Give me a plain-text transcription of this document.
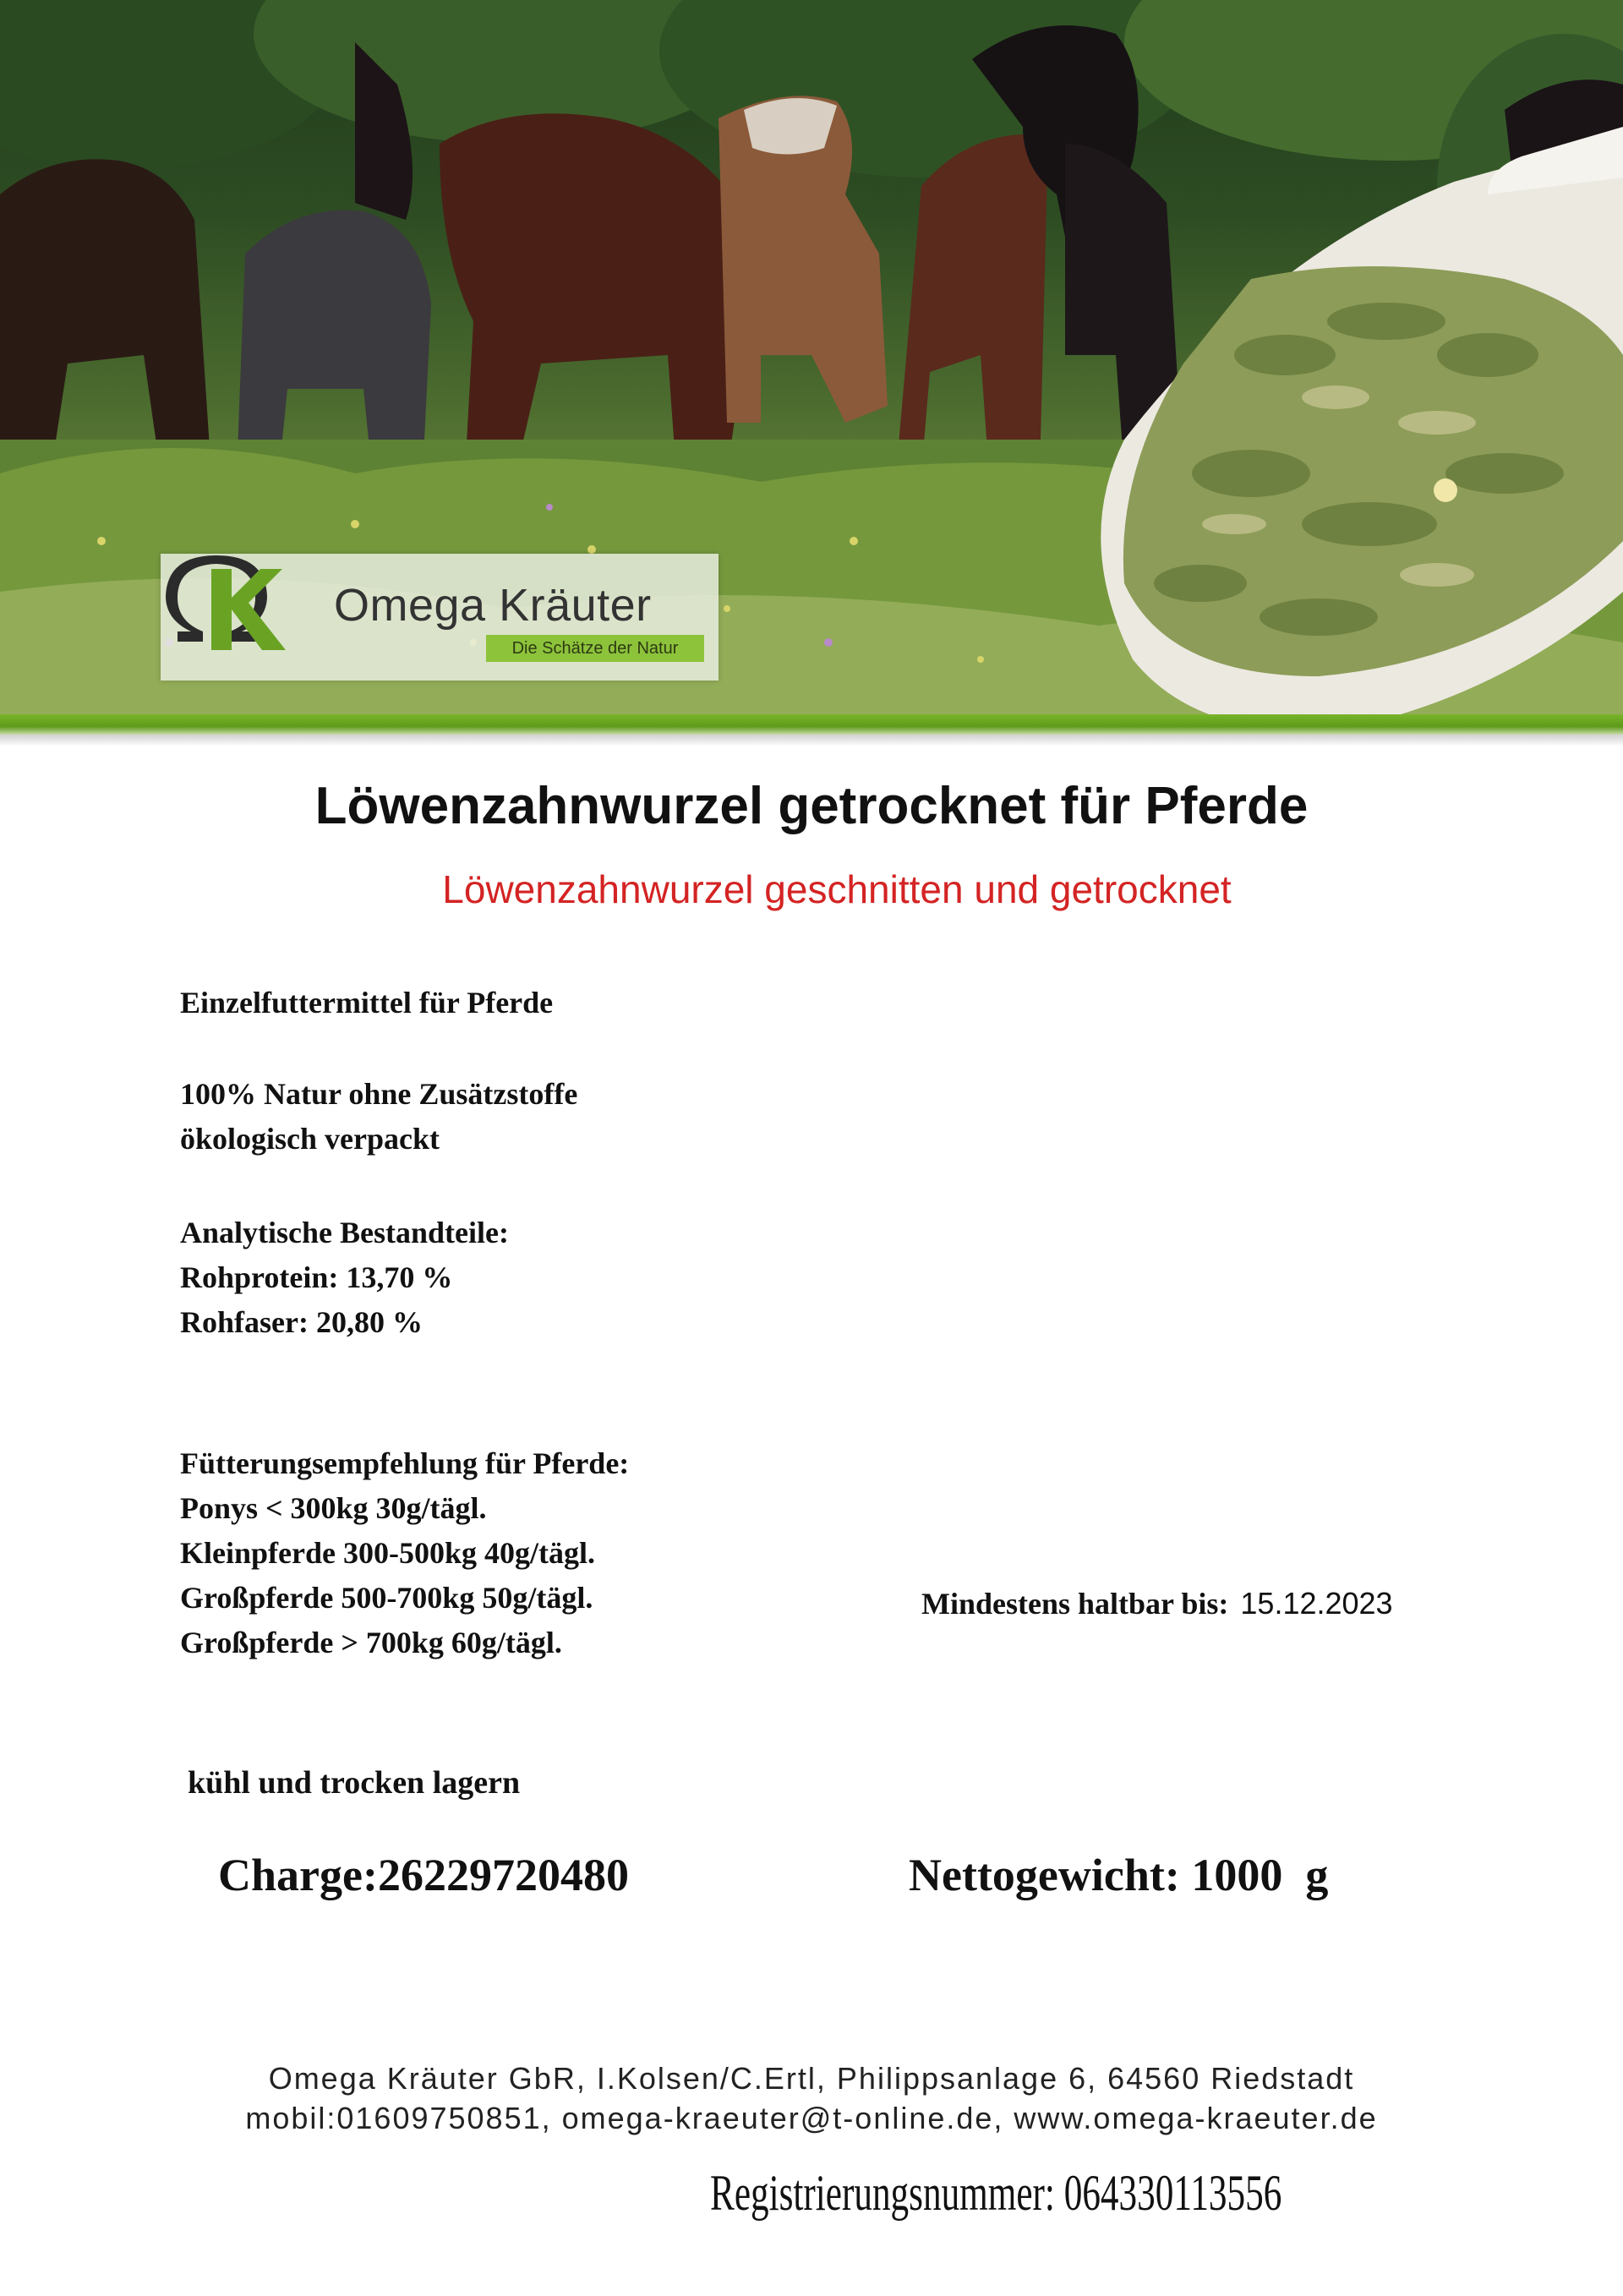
Omega Kräuter
Die Schätze der Natur
Löwenzahnwurzel getrocknet für Pferde
Löwenzahnwurzel geschnitten und getrocknet
Einzelfuttermittel für Pferde
100% Natur ohne Zusätzstoffe
ökologisch verpackt
Analytische Bestandteile:
Rohprotein: 13,70 %
Rohfaser: 20,80 %
Fütterungsempfehlung für Pferde:
Ponys < 300kg 30g/tägl.
Kleinpferde 300-500kg 40g/tägl.
Großpferde 500-700kg 50g/tägl.
Großpferde > 700kg 60g/tägl.
Mindestens haltbar bis: 15.12.2023
kühl und trocken lagern
Charge:26229720480	Nettogewicht: 1000  g
Omega Kräuter GbR, I.Kolsen/C.Ertl, Philippsanlage 6, 64560 Riedstadt
mobil:01609750851, omega-kraeuter@t-online.de, www.omega-kraeuter.de
Registrierungsnummer: 064330113556
